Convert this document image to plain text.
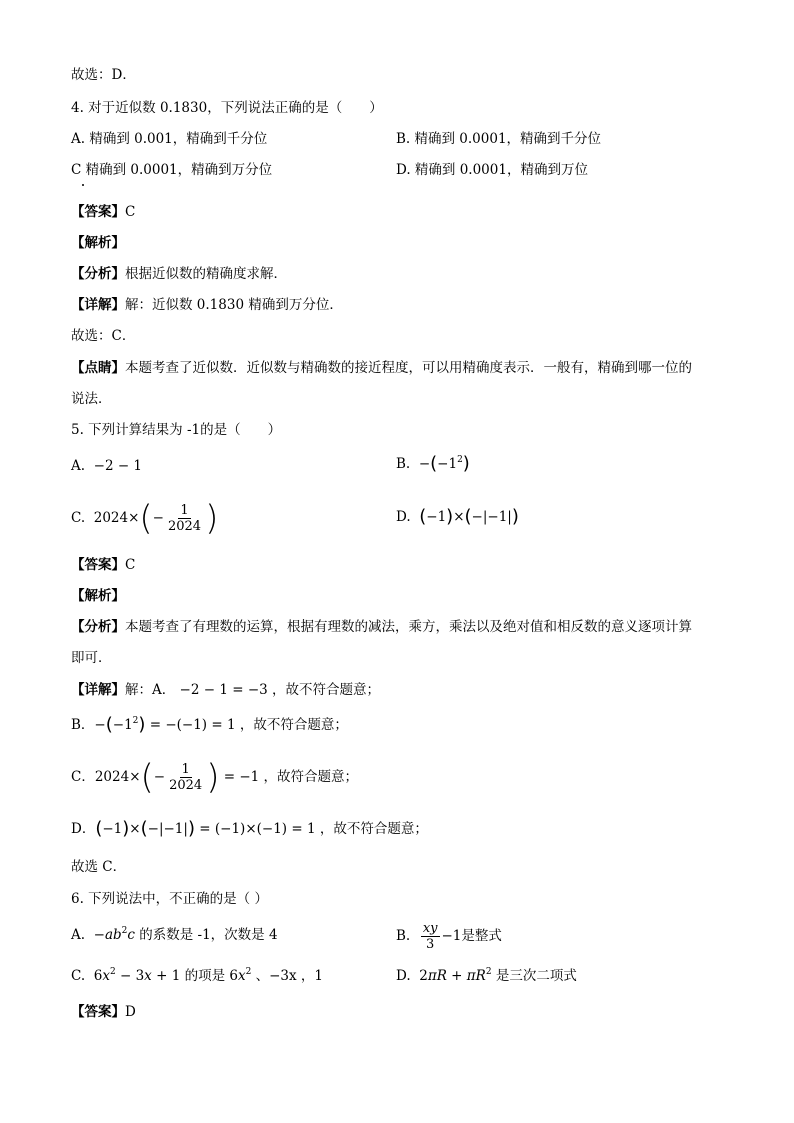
故选：D．
4. 对于近似数 0.1830，下列说法正确的是（　　）
A. 精确到 0.001，精确到千分位	B. 精确到 0.0001，精确到千分位
C 精确到 0.0001，精确到万分位	D. 精确到 0.0001，精确到万位
【答案】C
【解析】
【分析】根据近似数的精确度求解．
【详解】解：近似数 0.1830 精确到万分位．
故选：C．
【点睛】本题考查了近似数．近似数与精确数的接近程度，可以用精确度表示．一般有，精确到哪一位的
说法．
5. 下列计算结果为 -1的是（　　）
A. −2 − 1	B. $-(-1^2)$
C. $2024\times(- \frac{1}{2024}$ )	D. (−1)×(−|−1|)
【答案】C
【解析】
【分析】本题考查了有理数的运算，根据有理数的减法，乘方，乘法以及绝对值和相反数的意义逐项计算
即可．
【详解】解：A． −2 − 1 = −3 ，故不符合题意；
B．$-(-1^2) = -(-1) = 1$ ，故不符合题意；
C．$2024\times(- \frac{1}{2024}$ ) = −1 ，故符合题意；
D．(−1)×(−|−1|) = (−1)×(−1) = 1 ，故不符合题意；
故选 C．
6. 下列说法中，不正确的是（ ）
A. $-ab^2c$ 的系数是 -1，次数是 4	B. $\frac{xy}{3} -1$是整式
C. $6x^2 - 3x + 1$ 的项是 $6x^2$ 、−3x ，1	D. $2\pi R + \pi R^2$ 是三次二项式
【答案】D
